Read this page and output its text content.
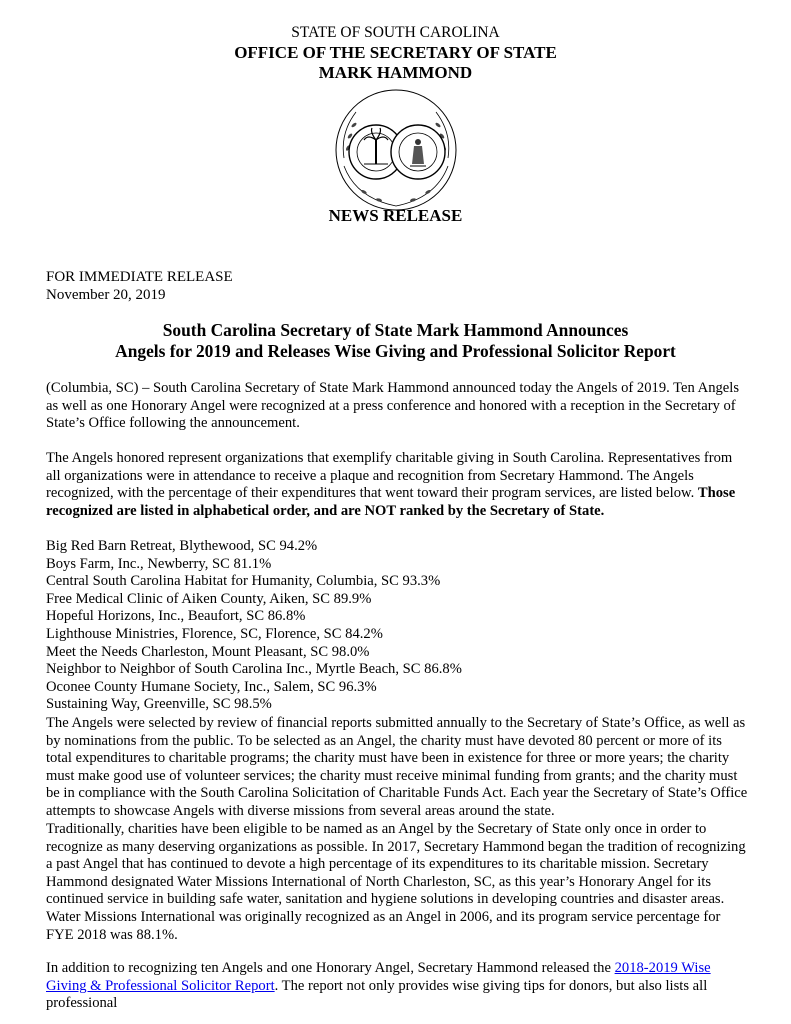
STATE OF SOUTH CAROLINA
OFFICE OF THE SECRETARY OF STATE
MARK HAMMOND
NEWS RELEASE
FOR IMMEDIATE RELEASE
November 20, 2019
South Carolina Secretary of State Mark Hammond Announces
Angels for 2019 and Releases Wise Giving and Professional Solicitor Report

(Columbia, SC) – South Carolina Secretary of State Mark Hammond announced today the Angels of 2019. Ten Angels as well as one Honorary Angel were recognized at a press conference and honored with a reception in the Secretary of State’s Office following the announcement.

The Angels honored represent organizations that exemplify charitable giving in South Carolina. Representatives from all organizations were in attendance to receive a plaque and recognition from Secretary Hammond. The Angels recognized, with the percentage of their expenditures that went toward their program services, are listed below. Those recognized are listed in alphabetical order, and are NOT ranked by the Secretary of State.

Big Red Barn Retreat, Blythewood, SC 94.2%
Boys Farm, Inc., Newberry, SC 81.1%
Central South Carolina Habitat for Humanity, Columbia, SC 93.3%
Free Medical Clinic of Aiken County, Aiken, SC 89.9%
Hopeful Horizons, Inc., Beaufort, SC 86.8%
Lighthouse Ministries, Florence, SC, Florence, SC 84.2%
Meet the Needs Charleston, Mount Pleasant, SC 98.0%
Neighbor to Neighbor of South Carolina Inc., Myrtle Beach, SC 86.8%
Oconee County Humane Society, Inc., Salem, SC 96.3%
Sustaining Way, Greenville, SC 98.5%

The Angels were selected by review of financial reports submitted annually to the Secretary of State’s Office, as well as by nominations from the public. To be selected as an Angel, the charity must have devoted 80 percent or more of its total expenditures to charitable programs; the charity must have been in existence for three or more years; the charity must make good use of volunteer services; the charity must receive minimal funding from grants; and the charity must be in compliance with the South Carolina Solicitation of Charitable Funds Act. Each year the Secretary of State’s Office attempts to showcase Angels with diverse missions from several areas around the state.

Traditionally, charities have been eligible to be named as an Angel by the Secretary of State only once in order to recognize as many deserving organizations as possible. In 2017, Secretary Hammond began the tradition of recognizing a past Angel that has continued to devote a high percentage of its expenditures to its charitable mission. Secretary Hammond designated Water Missions International of North Charleston, SC, as this year’s Honorary Angel for its continued service in building safe water, sanitation and hygiene solutions in developing countries and disaster areas. Water Missions International was originally recognized as an Angel in 2006, and its program service percentage for FYE 2018 was 88.1%.

In addition to recognizing ten Angels and one Honorary Angel, Secretary Hammond released the 2018-2019 Wise Giving & Professional Solicitor Report. The report not only provides wise giving tips for donors, but also lists all professional
